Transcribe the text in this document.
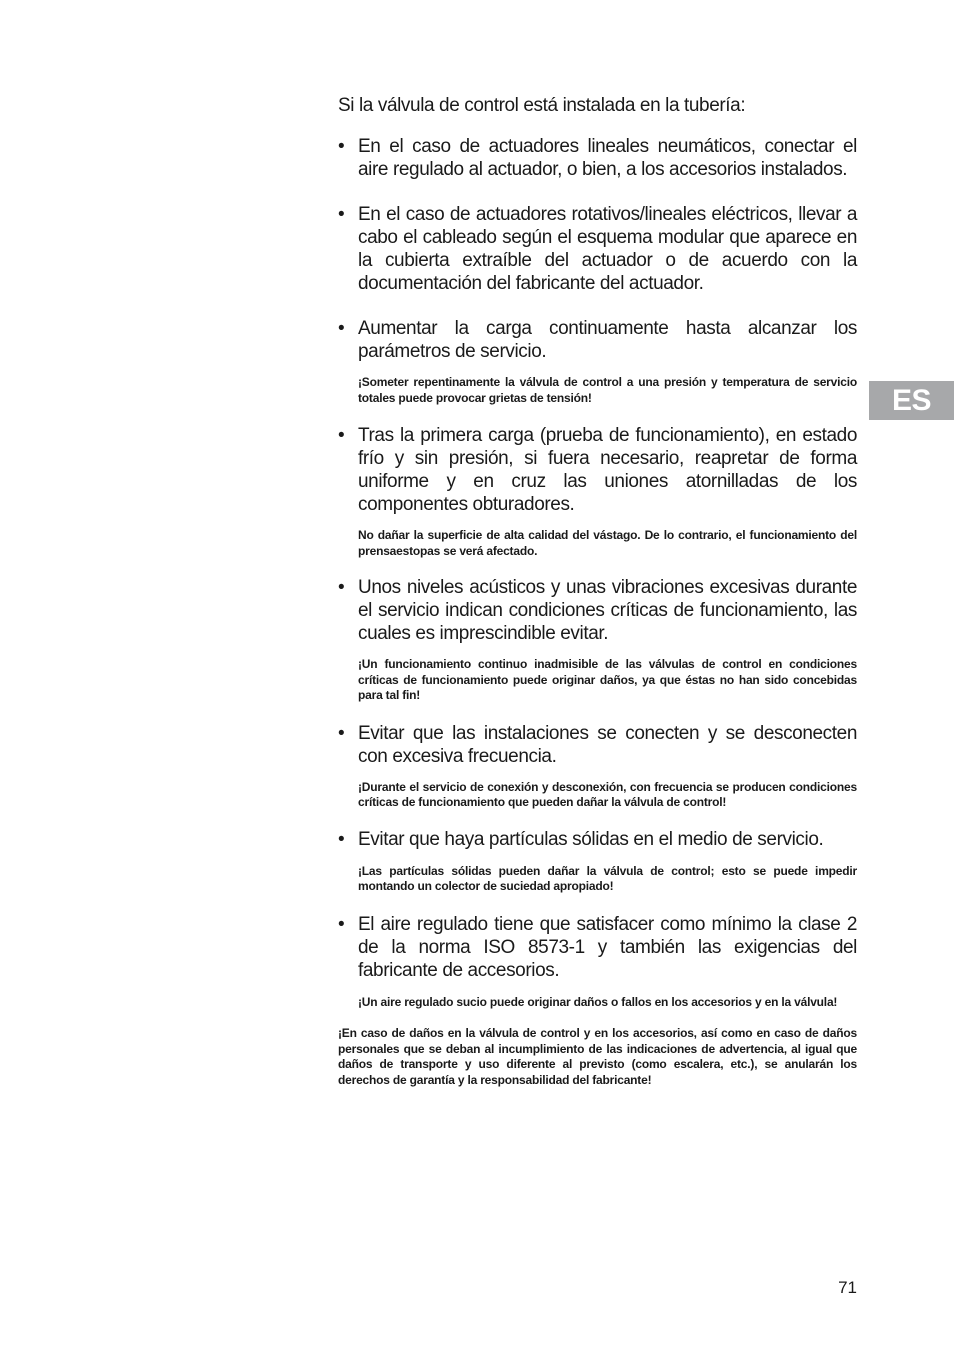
Si la válvula de control está instalada en la tubería:

• En el caso de actuadores lineales neumáticos, conectar el aire regulado al actuador, o bien, a los accesorios instalados.

• En el caso de actuadores rotativos/lineales eléctricos, llevar a cabo el cableado según el esquema modular que aparece en la cubierta extraíble del actuador o de acuerdo con la documentación del fabricante del actuador.

• Aumentar la carga continuamente hasta alcanzar los parámetros de servicio.

¡Someter repentinamente la válvula de control a una presión y temperatura de servicio totales puede provocar grietas de tensión!

• Tras la primera carga (prueba de funcionamiento), en estado frío y sin presión, si fuera necesario, reapretar de forma uniforme y en cruz las uniones atornilladas de los componentes obturadores.

No dañar la superficie de alta calidad del vástago. De lo contrario, el funcionamiento del prensaestopas se verá afectado.

• Unos niveles acústicos y unas vibraciones excesivas durante el servicio indican condiciones críticas de funcionamiento, las cuales es imprescindible evitar.

¡Un funcionamiento continuo inadmisible de las válvulas de control en condiciones críticas de funcionamiento puede originar daños, ya que éstas no han sido concebidas para tal fin!

• Evitar que las instalaciones se conecten y se desconecten con excesiva frecuencia.

¡Durante el servicio de conexión y desconexión, con frecuencia se producen condiciones críticas de funcionamiento que pueden dañar la válvula de control!

• Evitar que haya partículas sólidas en el medio de servicio.

¡Las partículas sólidas pueden dañar la válvula de control; esto se puede impedir montando un colector de suciedad apropiado!

• El aire regulado tiene que satisfacer como mínimo la clase 2 de la norma ISO 8573-1 y también las exigencias del fabricante de accesorios.

¡Un aire regulado sucio puede originar daños o fallos en los accesorios y en la válvula!

¡En caso de daños en la válvula de control y en los accesorios, así como en caso de daños personales que se deban al incumplimiento de las indicaciones de advertencia, al igual que daños de transporte y uso diferente al previsto (como escalera, etc.), se anularán los derechos de garantía y la responsabilidad del fabricante!

ES
71
